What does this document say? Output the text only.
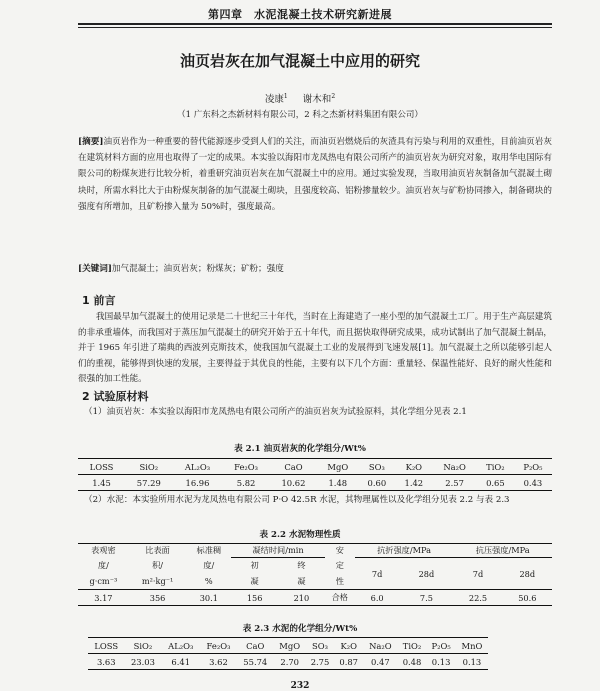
第四章　水泥混凝土技术研究新进展
油页岩灰在加气混凝土中应用的研究
凌康$^1$ 谢木和$^2$
（1 广东科之杰新材料有限公司，2 科之杰新材料集团有限公司）
[摘要]油页岩作为一种重要的替代能源逐步受到人们的关注，而油页岩燃烧后的灰渣具有污染与利用的双重性，目前油页岩灰在建筑材料方面的应用也取得了一定的成果。本实验以海阳市龙凤热电有限公司所产的油页岩灰为研究对象，取用华电国际有限公司的粉煤灰进行比较分析，着重研究油页岩灰在加气混凝土中的应用。通过实验发现，当取用油页岩灰制备加气混凝土砌块时，所需水料比大于由粉煤灰制备的加气混凝土砌块，且强度较高、铝粉掺量较少。油页岩灰与矿粉协同掺入，制备砌块的强度有所增加，且矿粉掺入量为 50%时，强度最高。
[关键词]加气混凝土；油页岩灰；粉煤灰；矿粉；强度
1 前言
我国最早加气混凝土的使用记录是二十世纪三十年代，当时在上海建造了一座小型的加气混凝土工厂。用于生产高层建筑的非承重墙体，而我国对于蒸压加气混凝土的研究开始于五十年代，而且据快取得研究成果，成功试制出了加气混凝土制品，并于 1965 年引进了瑞典的西波列克斯技术，使我国加气混凝土工业的发展得到飞速发展[1]。加气混凝土之所以能够引起人们的重视，能够得到快速的发展，主要得益于其优良的性能，主要有以下几个方面：重量轻、保温性能好、良好的耐火性能和很强的加工性能。
2 试验原材料
（1）油页岩灰：本实验以海阳市龙凤热电有限公司所产的油页岩灰为试验原料，其化学组分见表 2.1
表 2.1 油页岩灰的化学组分/Wt%
LOSS	SiO₂	AL₂O₃	Fe₂O₃	CaO	MgO	SO₃	K₂O	Na₂O	TiO₂	P₂O₅
1.45	57.29	16.96	5.82	10.62	1.48	0.60	1.42	2.57	0.65	0.43
（2）水泥：本实验所用水泥为龙凤热电有限公司 P·O 42.5R 水泥，其物理属性以及化学组分见表 2.2 与表 2.3
表 2.2 水泥物理性质
表观密	比表面	标准稠	凝结时间/min		安	抗折强度/MPa		抗压强度/MPa	
度/	积/	度/	初	终	定	7d	28d	7d	28d
g·cm⁻³	m²·kg⁻¹	%	凝	凝	性				
3.17	356	30.1	156	210	合格	6.0	7.5	22.5	50.6
表 2.3 水泥的化学组分/Wt%
LOSS	SiO₂	AL₂O₃	Fe₂O₃	CaO	MgO	SO₃	K₂O	Na₂O	TiO₂	P₂O₅	MnO
3.63	23.03	6.41	3.62	55.74	2.70	2.75	0.87	0.47	0.48	0.13	0.13
232
